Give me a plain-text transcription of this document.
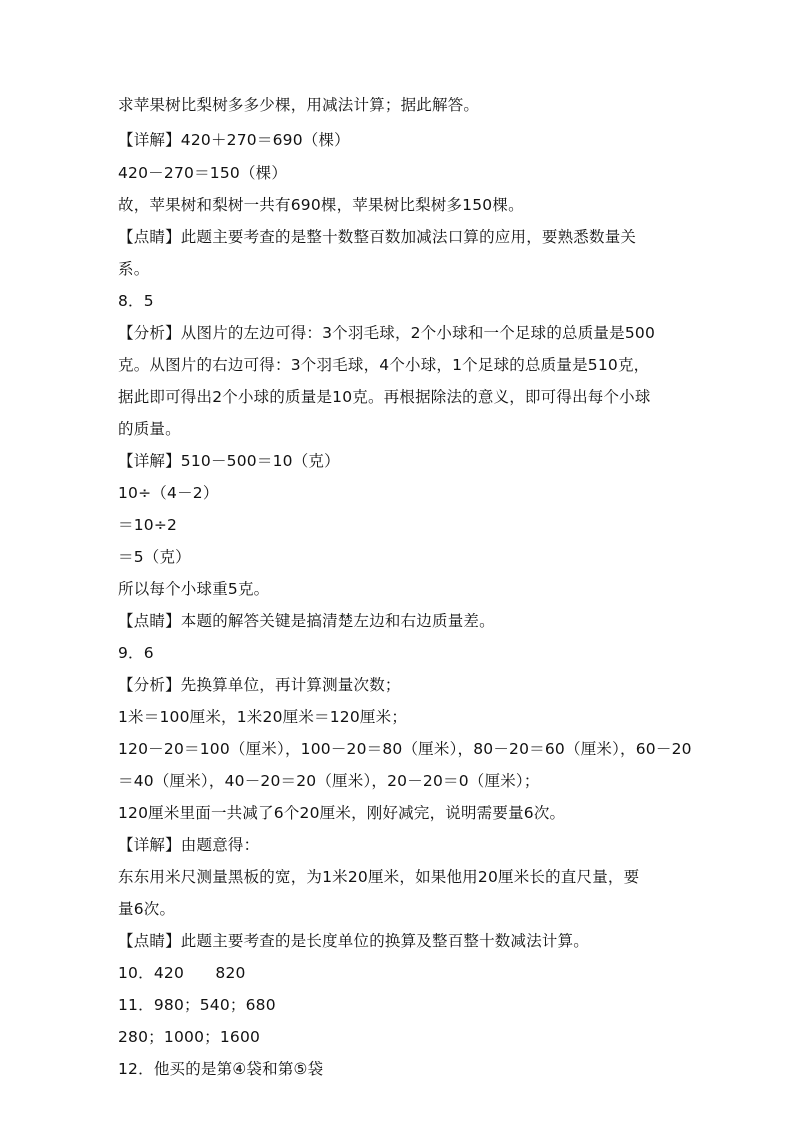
求苹果树比梨树多多少棵，用减法计算；据此解答。
【详解】420＋270＝690（棵）
420－270＝150（棵）
故，苹果树和梨树一共有690棵，苹果树比梨树多150棵。
【点睛】此题主要考查的是整十数整百数加减法口算的应用，要熟悉数量关
系。
8．5
【分析】从图片的左边可得：3个羽毛球，2个小球和一个足球的总质量是500
克。从图片的右边可得：3个羽毛球，4个小球，1个足球的总质量是510克，
据此即可得出2个小球的质量是10克。再根据除法的意义，即可得出每个小球
的质量。
【详解】510－500＝10（克）
10÷（4－2）
＝10÷2
＝5（克）
所以每个小球重5克。
【点睛】本题的解答关键是搞清楚左边和右边质量差。
9．6
【分析】先换算单位，再计算测量次数；
1米＝100厘米，1米20厘米＝120厘米；
120－20＝100（厘米），100－20＝80（厘米），80－20＝60（厘米），60－20
＝40（厘米），40－20＝20（厘米），20－20＝0（厘米）；
120厘米里面一共减了6个20厘米，刚好减完，说明需要量6次。
【详解】由题意得：
东东用米尺测量黑板的宽，为1米20厘米，如果他用20厘米长的直尺量，要
量6次。
【点睛】此题主要考查的是长度单位的换算及整百整十数减法计算。
10．420　　820
11．980；540；680
280；1000；1600
12．他买的是第④袋和第⑤袋
